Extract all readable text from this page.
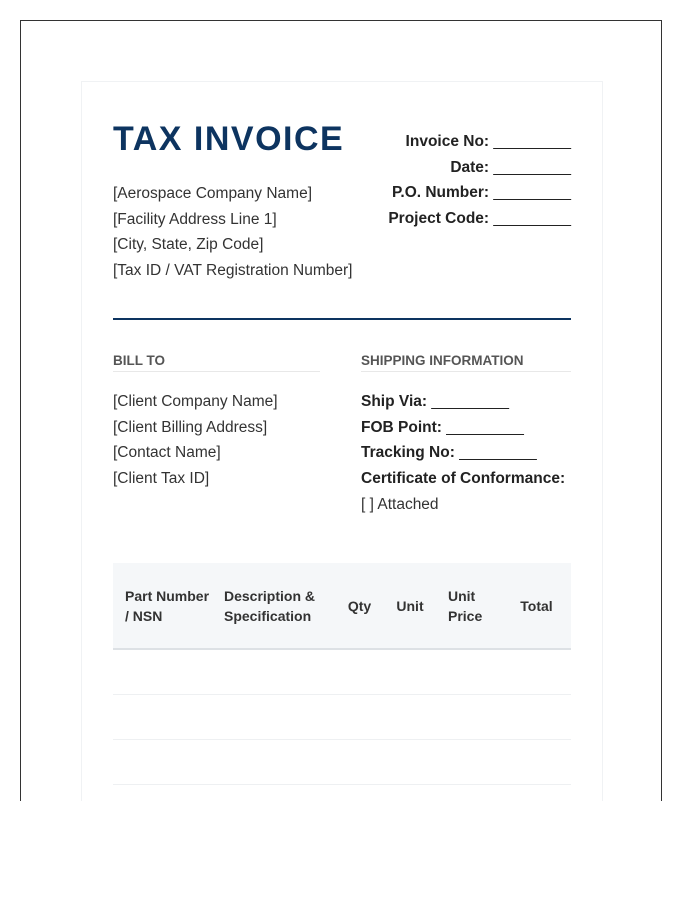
TAX INVOICE
[Aerospace Company Name]
[Facility Address Line 1]
[City, State, Zip Code]
[Tax ID / VAT Registration Number]
Invoice No: _________
Date: _________
P.O. Number: _________
Project Code: _________
BILL TO	SHIPPING INFORMATION
[Client Company Name]
[Client Billing Address]
[Contact Name]
[Client Tax ID]
Ship Via: _________
FOB Point: _________
Tracking No: _________
Certificate of Conformance:
[ ] Attached
Part Number / NSN	Description & Specification	Qty	Unit	Unit Price	Total
